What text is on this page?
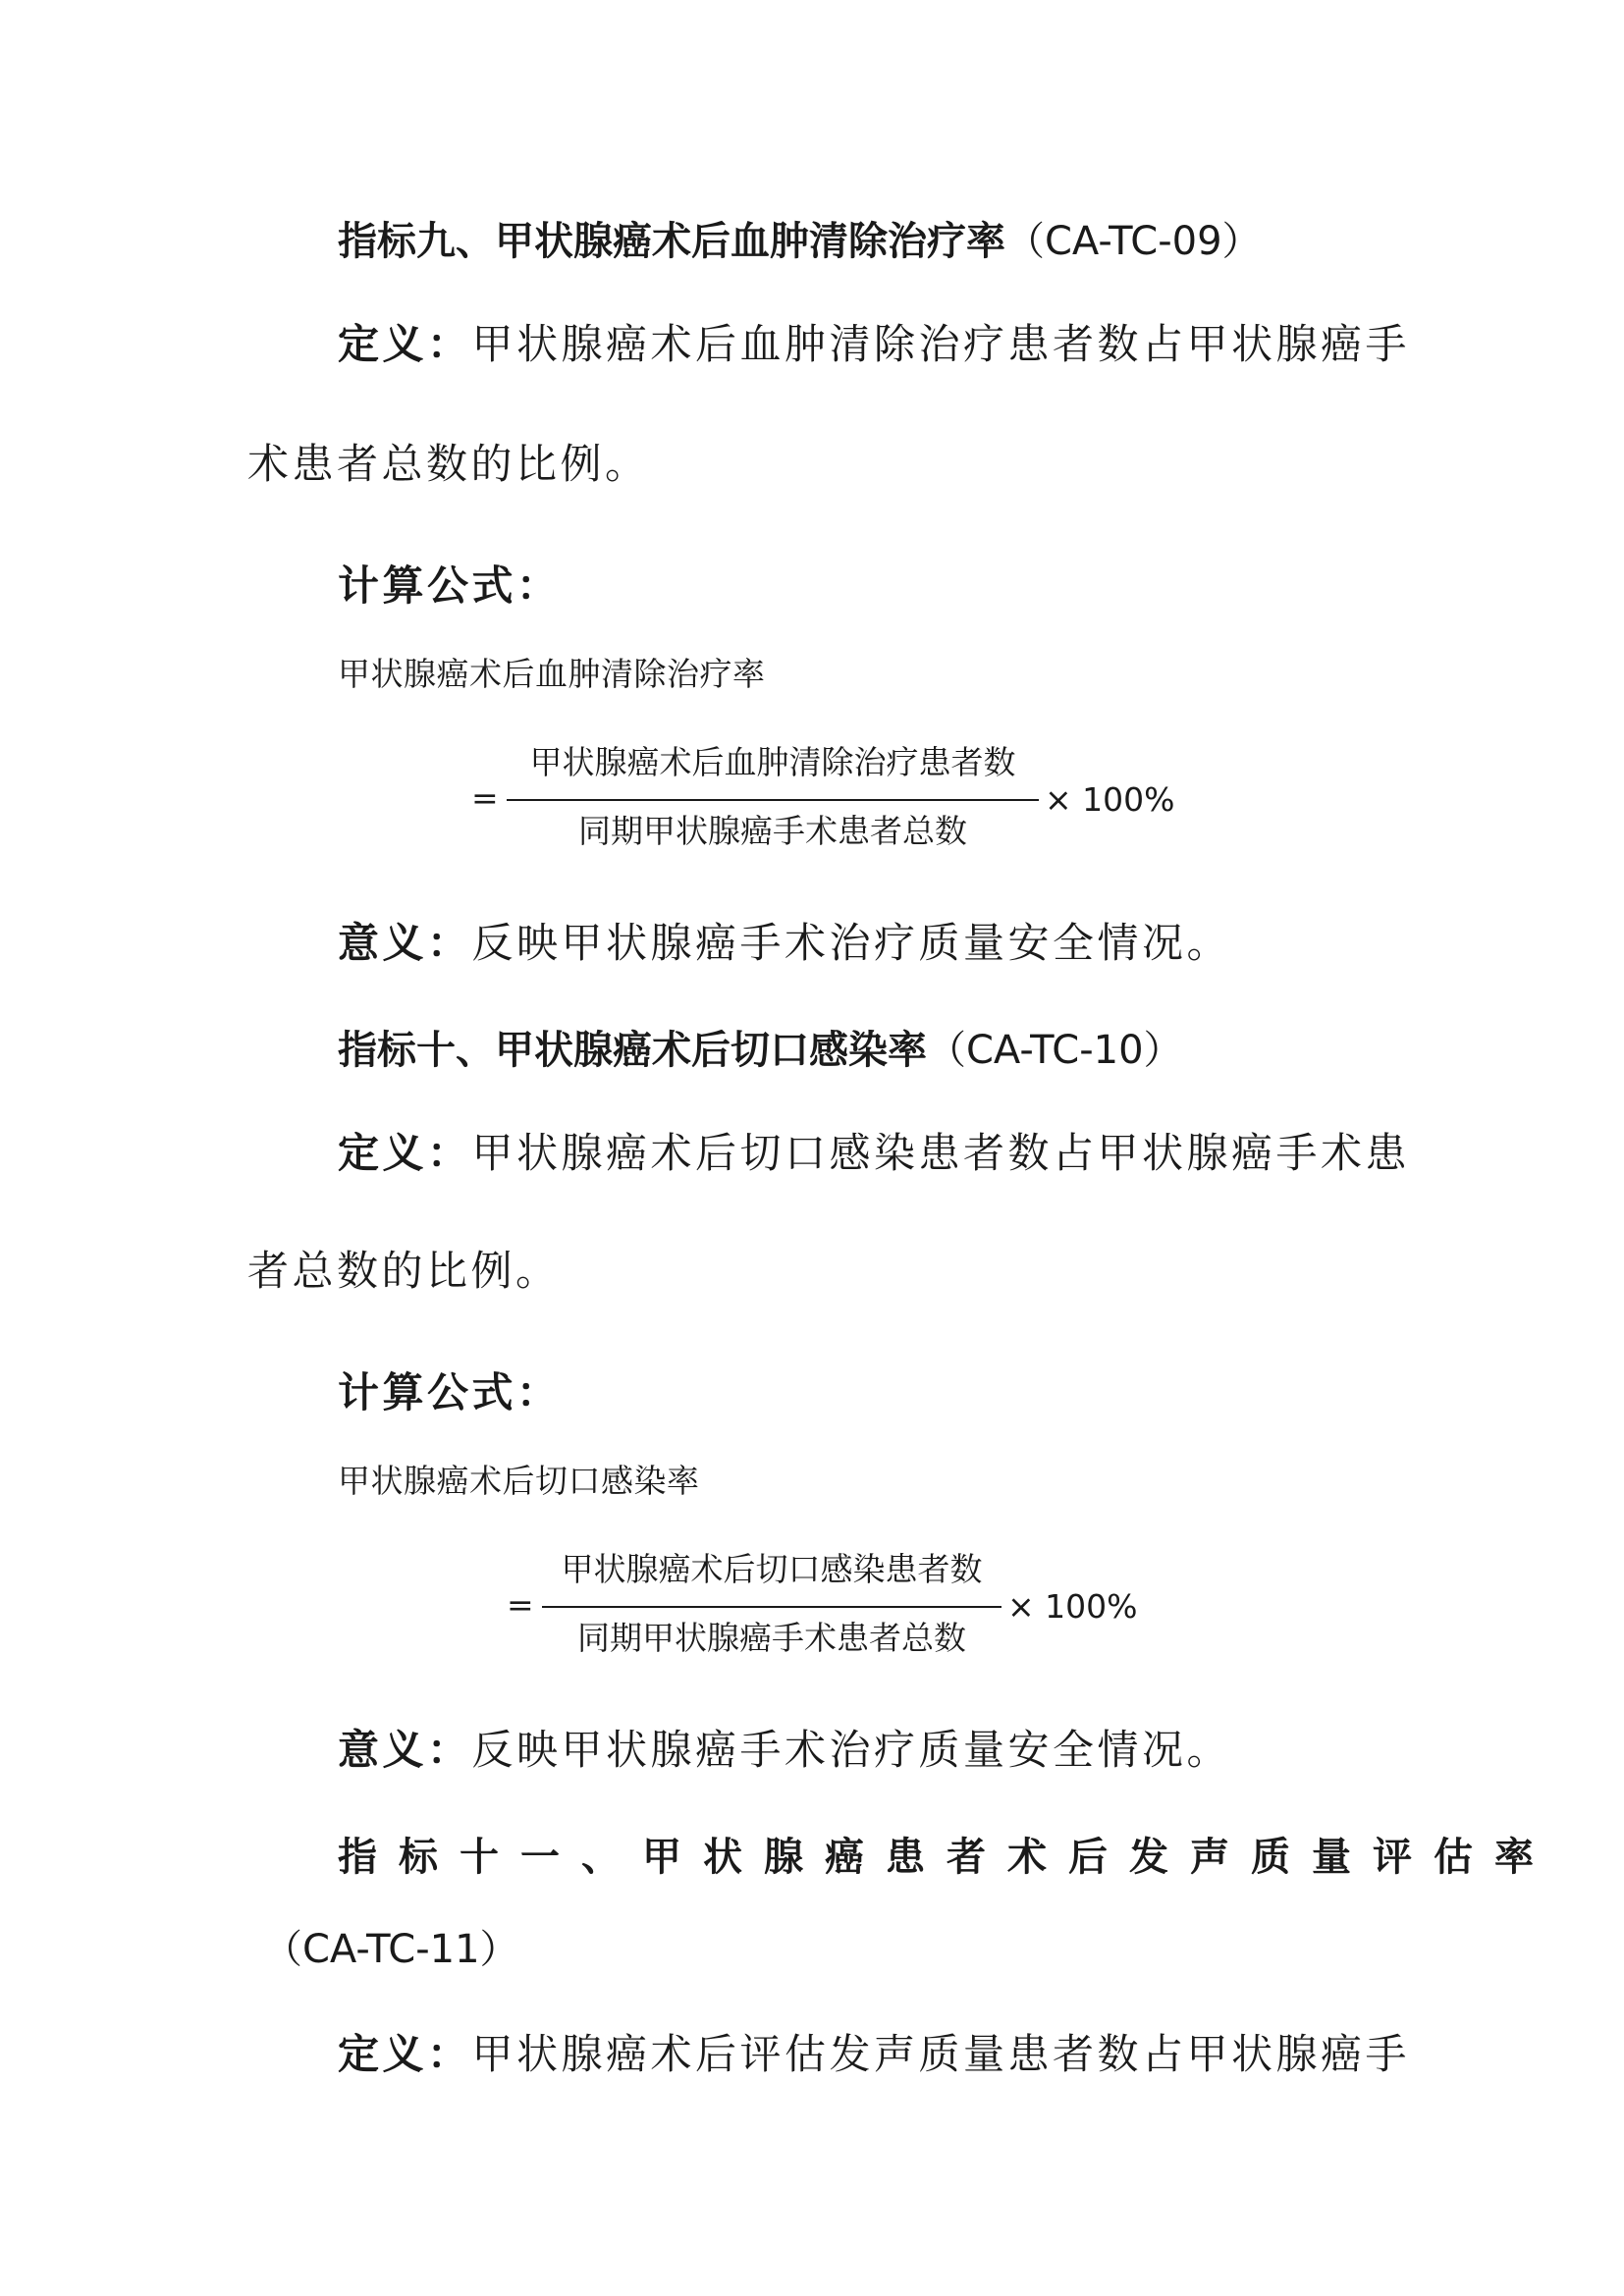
指标九、甲状腺癌术后血肿清除治疗率（CA-TC-09）
定义：甲状腺癌术后血肿清除治疗患者数占甲状腺癌手
术患者总数的比例。
计算公式：
甲状腺癌术后血肿清除治疗率
=
甲状腺癌术后血肿清除治疗患者数
同期甲状腺癌手术患者总数
× 100%
意义：反映甲状腺癌手术治疗质量安全情况。
指标十、甲状腺癌术后切口感染率（CA-TC-10）
定义：甲状腺癌术后切口感染患者数占甲状腺癌手术患
者总数的比例。
计算公式：
甲状腺癌术后切口感染率
=
甲状腺癌术后切口感染患者数
同期甲状腺癌手术患者总数
× 100%
意义：反映甲状腺癌手术治疗质量安全情况。
指标十一、甲状腺癌患者术后发声质量评估率
（CA-TC-11）
定义：甲状腺癌术后评估发声质量患者数占甲状腺癌手
